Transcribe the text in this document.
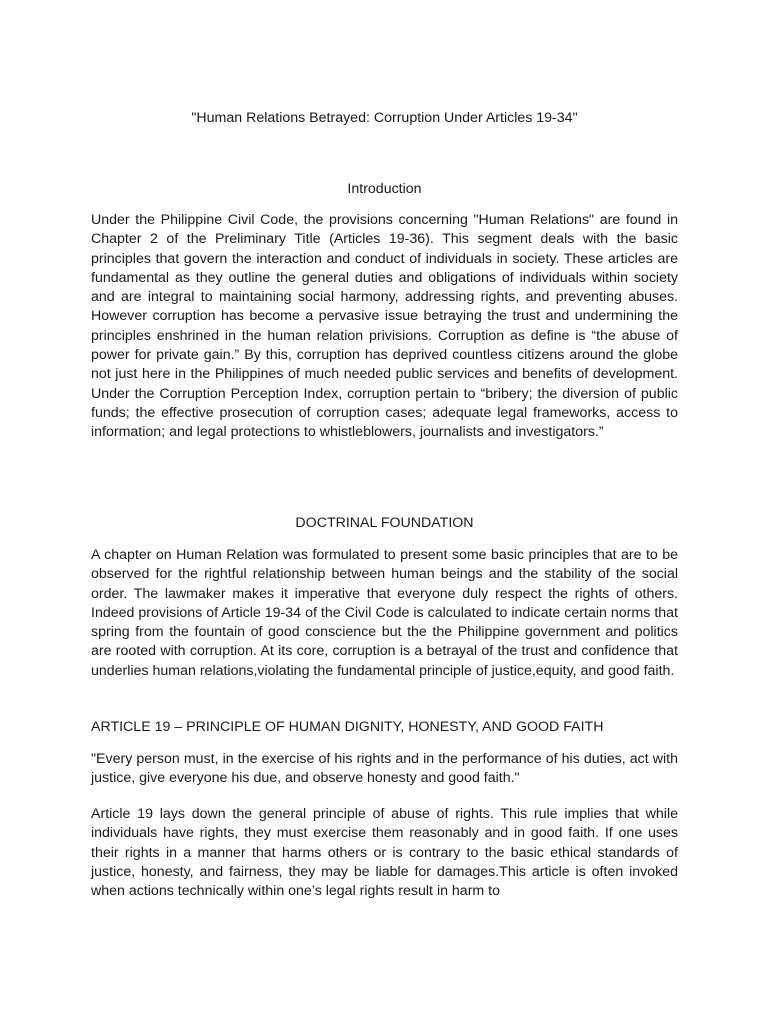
"Human Relations Betrayed: Corruption Under Articles 19-34"

Introduction

Under the Philippine Civil Code, the provisions concerning "Human Relations" are found in Chapter 2 of the Preliminary Title (Articles 19-36). This segment deals with the basic principles that govern the interaction and conduct of individuals in society. These articles are fundamental as they outline the general duties and obligations of individuals within society and are integral to maintaining social harmony, addressing rights, and preventing abuses. However corruption has become a pervasive issue betraying the trust and undermining the principles enshrined in the human relation privisions. Corruption as define is “the abuse of power for private gain.” By this, corruption has deprived countless citizens around the globe not just here in the Philippines of much needed public services and benefits of development. Under the Corruption Perception Index, corruption pertain to “bribery; the diversion of public funds; the effective prosecution of corruption cases; adequate legal frameworks, access to information; and legal protections to whistleblowers, journalists and investigators.”

DOCTRINAL FOUNDATION

A chapter on Human Relation was formulated to present some basic principles that are to be observed for the rightful relationship between human beings and the stability of the social order. The lawmaker makes it imperative that everyone duly respect the rights of others. Indeed provisions of Article 19-34 of the Civil Code is calculated to indicate certain norms that spring from the fountain of good conscience but the the Philippine government and politics are rooted with corruption. At its core, corruption is a betrayal of the trust and confidence that underlies human relations,violating the fundamental principle of justice,equity, and good faith.

ARTICLE 19 – PRINCIPLE OF HUMAN DIGNITY, HONESTY, AND GOOD FAITH

"Every person must, in the exercise of his rights and in the performance of his duties, act with justice, give everyone his due, and observe honesty and good faith."

Article 19 lays down the general principle of abuse of rights. This rule implies that while individuals have rights, they must exercise them reasonably and in good faith. If one uses their rights in a manner that harms others or is contrary to the basic ethical standards of justice, honesty, and fairness, they may be liable for damages.This article is often invoked when actions technically within one’s legal rights result in harm to
